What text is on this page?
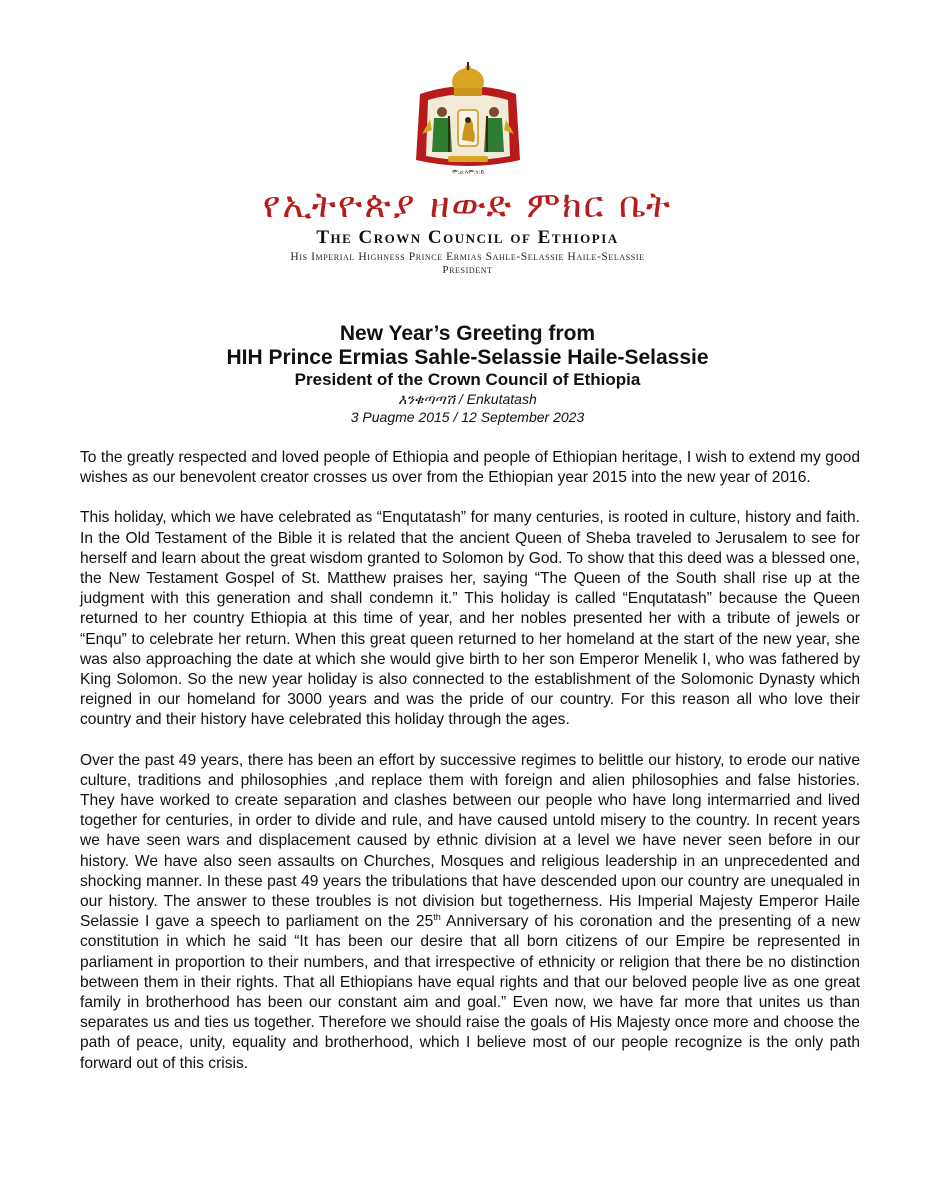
ሞ:ዐ:እም:ነ:ይ
የኢትዮጵያ ዘውድ ምክር ቤት
The Crown Council of Ethiopia
His Imperial Highness Prince Ermias Sahle-Selassie Haile-Selassie
President
New Year’s Greeting from
HIH Prince Ermias Sahle-Selassie Haile-Selassie
President of the Crown Council of Ethiopia
እንቁጣጣሽ / Enkutatash
3 Puagme 2015 / 12 September 2023

To the greatly respected and loved people of Ethiopia and people of Ethiopian heritage, I wish to extend my good wishes as our benevolent creator crosses us over from the Ethiopian year 2015 into the new year of 2016.

This holiday, which we have celebrated as “Enqutatash” for many centuries, is rooted in culture, history and faith. In the Old Testament of the Bible it is related that the ancient Queen of Sheba traveled to Jerusalem to see for herself and learn about the great wisdom granted to Solomon by God. To show that this deed was a blessed one, the New Testament Gospel of St. Matthew praises her, saying “The Queen of the South shall rise up at the judgment with this generation and shall condemn it.” This holiday is called “Enqutatash” because the Queen returned to her country Ethiopia at this time of year, and her nobles presented her with a tribute of jewels or “Enqu” to celebrate her return. When this great queen returned to her homeland at the start of the new year, she was also approaching the date at which she would give birth to her son Emperor Menelik I, who was fathered by King Solomon. So the new year holiday is also connected to the establishment of the Solomonic Dynasty which reigned in our homeland for 3000 years and was the pride of our country. For this reason all who love their country and their history have celebrated this holiday through the ages.

Over the past 49 years, there has been an effort by successive regimes to belittle our history, to erode our native culture, traditions and philosophies ,and replace them with foreign and alien philosophies and false histories. They have worked to create separation and clashes between our people who have long intermarried and lived together for centuries, in order to divide and rule, and have caused untold misery to the country. In recent years we have seen wars and displacement caused by ethnic division at a level we have never seen before in our history. We have also seen assaults on Churches, Mosques and religious leadership in an unprecedented and shocking manner. In these past 49 years the tribulations that have descended upon our country are unequaled in our history. The answer to these troubles is not division but togetherness. His Imperial Majesty Emperor Haile Selassie I gave a speech to parliament on the 25th Anniversary of his coronation and the presenting of a new constitution in which he said “It has been our desire that all born citizens of our Empire be represented in parliament in proportion to their numbers, and that irrespective of ethnicity or religion that there be no distinction between them in their rights. That all Ethiopians have equal rights and that our beloved people live as one great family in brotherhood has been our constant aim and goal.” Even now, we have far more that unites us than separates us and ties us together. Therefore we should raise the goals of His Majesty once more and choose the path of peace, unity, equality and brotherhood, which I believe most of our people recognize is the only path forward out of this crisis.
